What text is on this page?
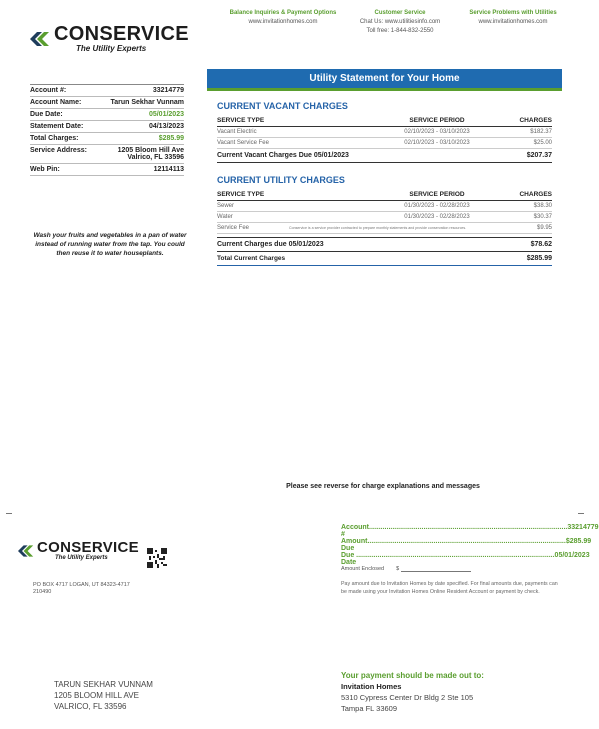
CONSERVICE
The Utility Experts
Balance Inquiries & Payment Options
www.invitationhomes.com
Customer Service
Chat Us: www.utilitiesinfo.com
Toll free: 1-844-832-2550
Service Problems with Utilities
www.invitationhomes.com
Account #:	33214779
Account Name:	Tarun Sekhar Vunnam
Due Date:	05/01/2023
Statement Date:	04/13/2023
Total Charges:	$285.99
Service Address:	1205 Bloom Hill Ave
Valrico, FL 33596
Web Pin:	12114113
Wash your fruits and vegetables in a pan of water instead of running water from the tap. You could then reuse it to water houseplants.
Utility Statement for Your Home
CURRENT VACANT CHARGES
SERVICE TYPE	SERVICE PERIOD	CHARGES
Vacant Electric	02/10/2023 - 03/10/2023	$182.37
Vacant Service Fee	02/10/2023 - 03/10/2023	$25.00
Current Vacant Charges Due 05/01/2023	$207.37
CURRENT UTILITY CHARGES
SERVICE TYPE	SERVICE PERIOD	CHARGES
Sewer	01/30/2023 - 02/28/2023	$38.30
Water	01/30/2023 - 02/28/2023	$30.37
Service Fee	Conservice is a service provider contracted to prepare monthly statements and provide conservation resources.	$9.95
Current Charges due 05/01/2023	$78.62
Total Current Charges	$285.99
Please see reverse for charge explanations and messages
CONSERVICE
The Utility Experts
PO BOX 4717 LOGAN, UT 84323-4717
210490
Account #
...................................................................................................... 33214779
Amount Due
...................................................................................................... $285.99
Due Date
...................................................................................................... 05/01/2023
Amount Enclosed $
Pay amount due to Invitation Homes by date specified. For final amounts due, payments can be made using your Invitation Homes Online Resident Account or payment by check.
TARUN SEKHAR VUNNAM
1205 BLOOM HILL AVE
VALRICO, FL 33596
Your payment should be made out to:
Invitation Homes
5310 Cypress Center Dr Bldg 2 Ste 105
Tampa FL 33609
